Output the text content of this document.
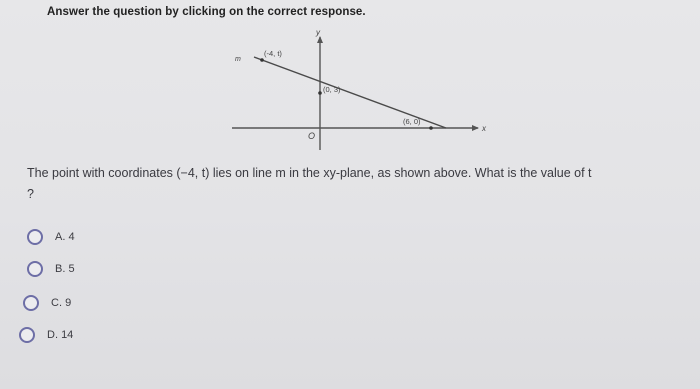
Answer the question by clicking on the correct response.
y
x
m
(-4, t)
(0, 3)
(6, 0)
O
The point with coordinates (−4, t) lies on line m in the xy-plane, as shown above. What is the value of t
?
A. 4
B. 5
C. 9
D. 14
